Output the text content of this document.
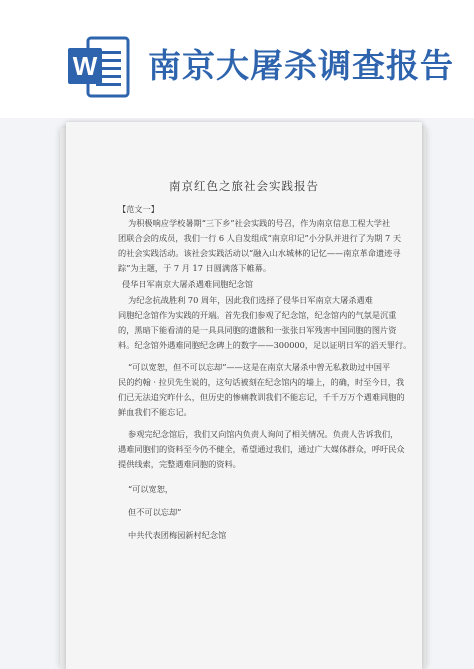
W 南京大屠杀调查报告
南京红色之旅社会实践报告
【范文一】
为积极响应学校暑期“三下乡”社会实践的号召，作为南京信息工程大学社
团联合会的成员，我们一行 6 人自发组成“南京印记”小分队并进行了为期 7 天
的社会实践活动。该社会实践活动以“融入山水城林的记忆——南京革命遗迹寻
踪”为主题，于 7 月 17 日圆满落下帷幕。
侵华日军南京大屠杀遇难同胞纪念馆
为纪念抗战胜利 70 周年，因此我们选择了侵华日军南京大屠杀遇难
同胞纪念馆作为实践的开端。首先我们参观了纪念馆，纪念馆内的气氛是沉重
的，黑暗下能看清的是一具具同胞的遗骸和一张张日军残害中国同胞的图片资
料。纪念馆外遇难同胞纪念碑上的数字——300000，足以证明日军的滔天罪行。
“可以宽恕，但不可以忘却”——这是在南京大屠杀中曾无私救助过中国平
民的约翰 · 拉贝先生说的，这句话被刻在纪念馆内的墙上，的确，时至今日，我
们已无法追究昨什么，但历史的惨痛教训我们不能忘记，千千万万个遇难同胞的
鲜血我们不能忘记。
参观完纪念馆后，我们又向馆内负责人询问了相关情况。负责人告诉我们，
遇难同胞们的资料至今仍不健全，希望通过我们，通过广大媒体群众，呼吁民众
提供线索，完整遇难同胞的资料。
“可以宽恕，
但不可以忘却”
中共代表团梅园新村纪念馆
